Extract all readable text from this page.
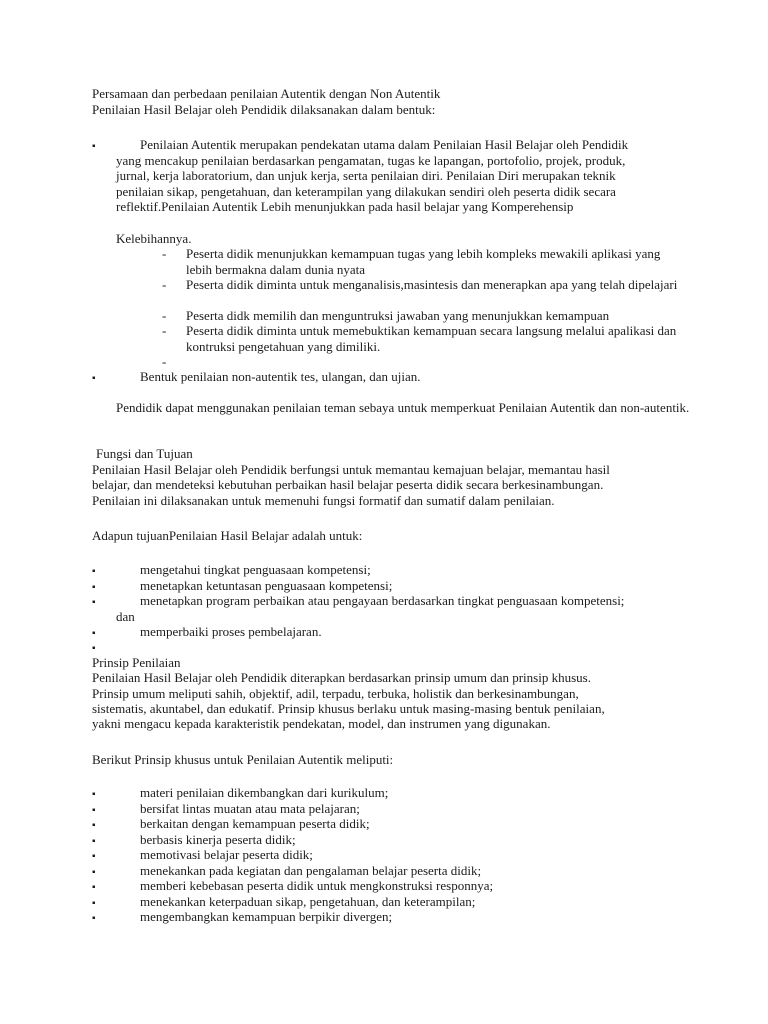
Persamaan dan perbedaan penilaian Autentik dengan Non Autentik
Penilaian Hasil Belajar oleh Pendidik dilaksanakan dalam bentuk:
▪	Penilaian Autentik merupakan pendekatan utama dalam Penilaian Hasil Belajar oleh Pendidik
yang mencakup penilaian berdasarkan pengamatan, tugas ke lapangan, portofolio, projek, produk,
jurnal, kerja laboratorium, dan unjuk kerja, serta penilaian diri. Penilaian Diri merupakan teknik
penilaian sikap, pengetahuan, dan keterampilan yang dilakukan sendiri oleh peserta didik secara
reflektif.Penilaian Autentik Lebih menunjukkan pada hasil belajar yang Komperehensip
Kelebihannya.
- Peserta didik menunjukkan kemampuan tugas yang lebih kompleks mewakili aplikasi yang lebih bermakna dalam dunia nyata
- Peserta didik diminta untuk menganalisis,masintesis dan menerapkan apa yang telah dipelajari
- Peserta didk memilih dan menguntruksi jawaban yang menunjukkan kemampuan
- Peserta didik diminta untuk memebuktikan kemampuan secara langsung melalui apalikasi dan kontruksi pengetahuan yang dimiliki.
-
▪	Bentuk penilaian non-autentik tes, ulangan, dan ujian.
Pendidik dapat menggunakan penilaian teman sebaya untuk memperkuat Penilaian Autentik dan non-autentik.
Fungsi dan Tujuan
Penilaian Hasil Belajar oleh Pendidik berfungsi untuk memantau kemajuan belajar, memantau hasil
belajar, dan mendeteksi kebutuhan perbaikan hasil belajar peserta didik secara berkesinambungan.
Penilaian ini dilaksanakan untuk memenuhi fungsi formatif dan sumatif dalam penilaian.
Adapun tujuanPenilaian Hasil Belajar adalah untuk:
▪	mengetahui tingkat penguasaan kompetensi;
▪	menetapkan ketuntasan penguasaan kompetensi;
▪	menetapkan program perbaikan atau pengayaan berdasarkan tingkat penguasaan kompetensi;
dan
▪	memperbaiki proses pembelajaran.
▪
Prinsip Penilaian
Penilaian Hasil Belajar oleh Pendidik diterapkan berdasarkan prinsip umum dan prinsip khusus.
Prinsip umum meliputi sahih, objektif, adil, terpadu, terbuka, holistik dan berkesinambungan,
sistematis, akuntabel, dan edukatif. Prinsip khusus berlaku untuk masing-masing bentuk penilaian,
yakni mengacu kepada karakteristik pendekatan, model, dan instrumen yang digunakan.
Berikut Prinsip khusus untuk Penilaian Autentik meliputi:
▪	materi penilaian dikembangkan dari kurikulum;
▪	bersifat lintas muatan atau mata pelajaran;
▪	berkaitan dengan kemampuan peserta didik;
▪	berbasis kinerja peserta didik;
▪	memotivasi belajar peserta didik;
▪	menekankan pada kegiatan dan pengalaman belajar peserta didik;
▪	memberi kebebasan peserta didik untuk mengkonstruksi responnya;
▪	menekankan keterpaduan sikap, pengetahuan, dan keterampilan;
▪	mengembangkan kemampuan berpikir divergen;
